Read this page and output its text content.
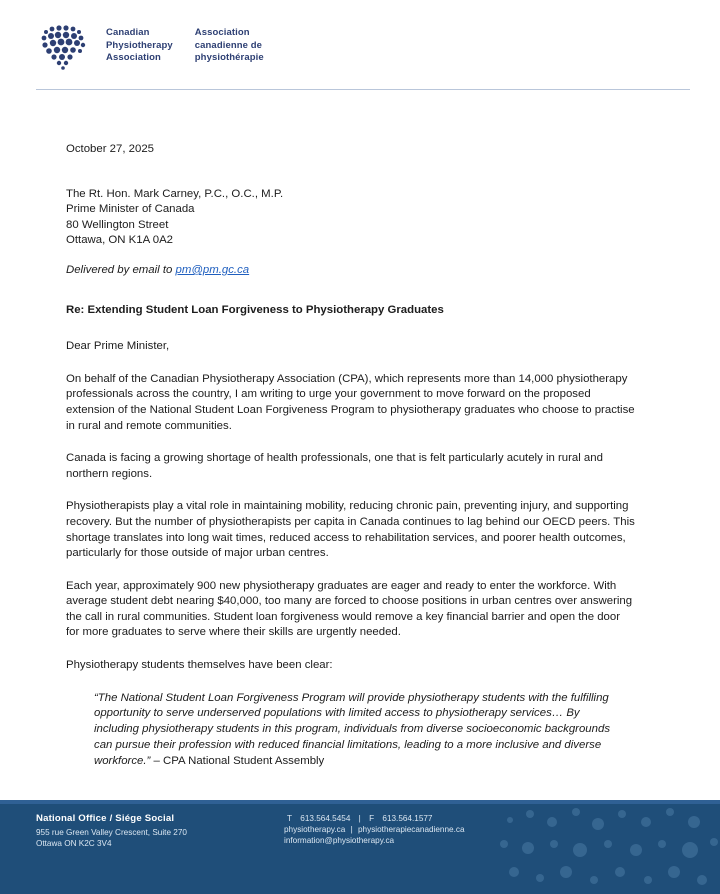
Canadian
Physiotherapy
Association
Association
canadienne de
physiothérapie
October 27, 2025
The Rt. Hon. Mark Carney, P.C., O.C., M.P.
Prime Minister of Canada
80 Wellington Street
Ottawa, ON K1A 0A2
Delivered by email to pm@pm.gc.ca
Re: Extending Student Loan Forgiveness to Physiotherapy Graduates
Dear Prime Minister,

On behalf of the Canadian Physiotherapy Association (CPA), which represents more than 14,000 physiotherapy professionals across the country, I am writing to urge your government to move forward on the proposed extension of the National Student Loan Forgiveness Program to physiotherapy graduates who choose to practise in rural and remote communities.

Canada is facing a growing shortage of health professionals, one that is felt particularly acutely in rural and northern regions.

Physiotherapists play a vital role in maintaining mobility, reducing chronic pain, preventing injury, and supporting recovery. But the number of physiotherapists per capita in Canada continues to lag behind our OECD peers. This shortage translates into long wait times, reduced access to rehabilitation services, and poorer health outcomes, particularly for those outside of major urban centres.

Each year, approximately 900 new physiotherapy graduates are eager and ready to enter the workforce. With average student debt nearing $40,000, too many are forced to choose positions in urban centres over answering the call in rural communities. Student loan forgiveness would remove a key financial barrier and open the door for more graduates to serve where their skills are urgently needed.

Physiotherapy students themselves have been clear:

“The National Student Loan Forgiveness Program will provide physiotherapy students with the fulfilling opportunity to serve underserved populations with limited access to physiotherapy services… By including physiotherapy students in this program, individuals from diverse socioeconomic backgrounds can pursue their profession with reduced financial limitations, leading to a more inclusive and diverse workforce.” – CPA National Student Assembly
National Office / Siége Social
955 rue Green Valley Crescent, Suite 270
Ottawa ON K2C 3V4
T 613.564.5454 | F 613.564.1577
physiotherapy.ca | physiotherapiecanadienne.ca
information@physiotherapy.ca
